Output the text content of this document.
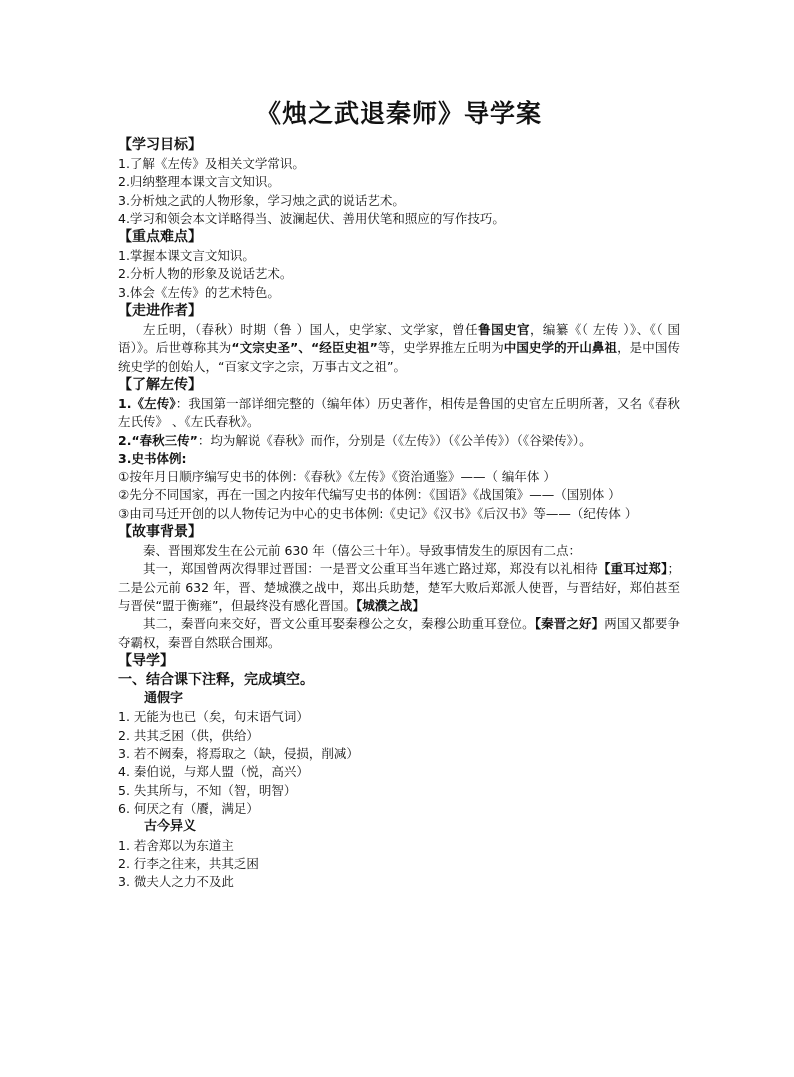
《烛之武退秦师》导学案

【学习目标】

1.了解《左传》及相关文学常识。

2.归纳整理本课文言文知识。

3.分析烛之武的人物形象，学习烛之武的说话艺术。

4.学习和领会本文详略得当、波澜起伏、善用伏笔和照应的写作技巧。

【重点难点】

1.掌握本课文言文知识。

2.分析人物的形象及说话艺术。

3.体会《左传》的艺术特色。

【走进作者】

左丘明，（春秋）时期（鲁 ）国人，史学家、文学家，曾任鲁国史官，编纂《（ 左传 ）》、《（ 国语）》。后世尊称其为“文宗史圣”、“经臣史祖”等，史学界推左丘明为中国史学的开山鼻祖，是中国传统史学的创始人，“百家文字之宗，万事古文之祖”。

【了解左传】

1.《左传》：我国第一部详细完整的（编年体）历史著作，相传是鲁国的史官左丘明所著，又名《春秋左氏传》 、《左氏春秋》。

2.“春秋三传”：均为解说《春秋》而作，分别是（《左传》）（《公羊传》）（《谷梁传》）。

3.史书体例:

①按年月日顺序编写史书的体例：《春秋》《左传》《资治通鉴》——（ 编年体 ）

②先分不同国家，再在一国之内按年代编写史书的体例：《国语》《战国策》——（国别体 ）

③由司马迁开创的以人物传记为中心的史书体例:《史记》《汉书》《后汉书》等——（纪传体 ）

【故事背景】

秦、晋围郑发生在公元前 630 年（僖公三十年）。导致事情发生的原因有二点：

其一，郑国曾两次得罪过晋国：一是晋文公重耳当年逃亡路过郑，郑没有以礼相待【重耳过郑】；二是公元前 632 年，晋、楚城濮之战中，郑出兵助楚，楚军大败后郑派人使晋，与晋结好，郑伯甚至与晋侯“盟于衡雍”，但最终没有感化晋国。【城濮之战】

其二，秦晋向来交好，晋文公重耳娶秦穆公之女，秦穆公助重耳登位。【秦晋之好】两国又都要争夺霸权，秦晋自然联合围郑。

【导学】

一、结合课下注释，完成填空。

通假字

1. 无能为也已（矣，句末语气词）

2. 共其乏困（供，供给）

3. 若不阙秦，将焉取之（缺，侵损，削减）

4. 秦伯说，与郑人盟（悦，高兴）

5. 失其所与，不知（智，明智）

6. 何厌之有（餍，满足）

古今异义

1. 若舍郑以为东道主

2. 行李之往来，共其乏困

3. 微夫人之力不及此
